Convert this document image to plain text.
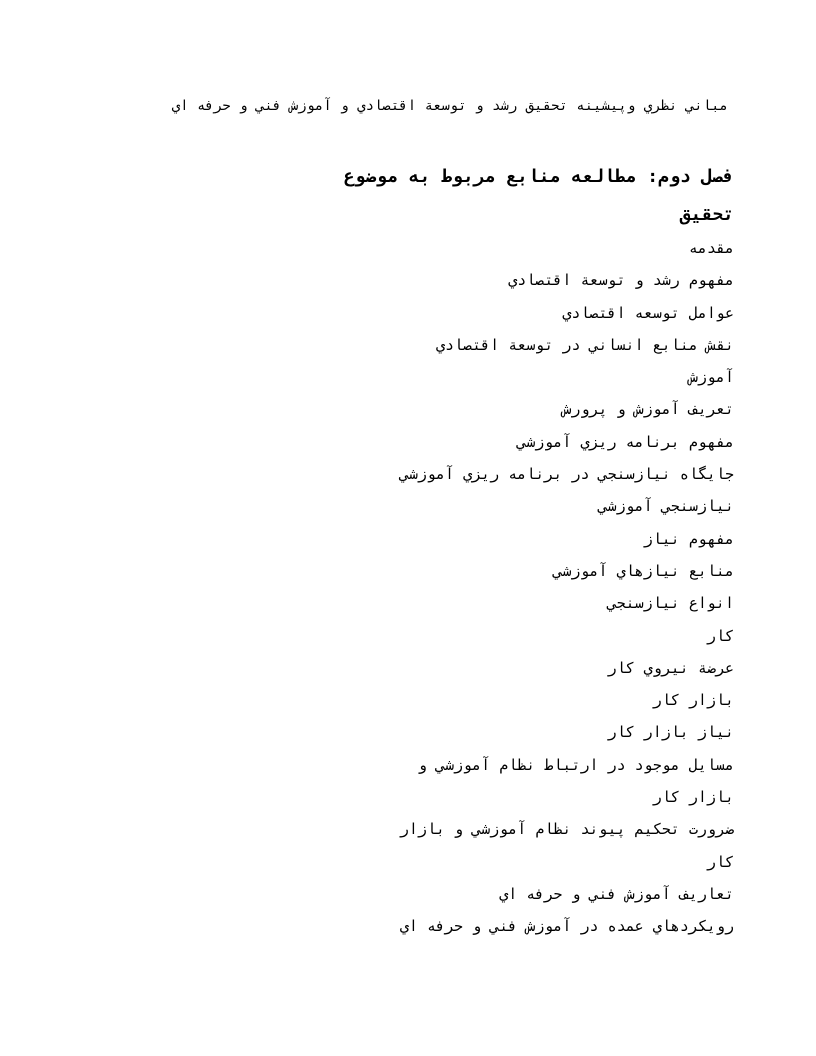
مباني نظري وپيشينه تحقيق رشد و توسعة اقتصادي و آموزش فني و حرفه اي
فصل دوم: مطالعه منابع مربوط به موضوع تحقيق
مقدمه
مفهوم رشد و توسعة اقتصادي
عوامل توسعه اقتصادي
نقش منابع انساني در توسعة اقتصادي
آموزش
تعريف آموزش و پرورش
مفهوم برنامه ريزي آموزشي
جايگاه نيازسنجي در برنامه ريزي آموزشي
نيازسنجي آموزشي
مفهوم نياز
منابع نيازهاي آموزشي
انواع نيازسنجي
كار
عرضة نيروي كار
بازار كار
نياز بازار كار
مسايل موجود در ارتباط نظام آموزشي و
بازار كار
ضرورت تحكيم پيوند نظام آموزشي و بازار
كار
تعاريف آموزش فني و حرفه اي
رويكردهاي عمده در آموزش فني و حرفه اي
